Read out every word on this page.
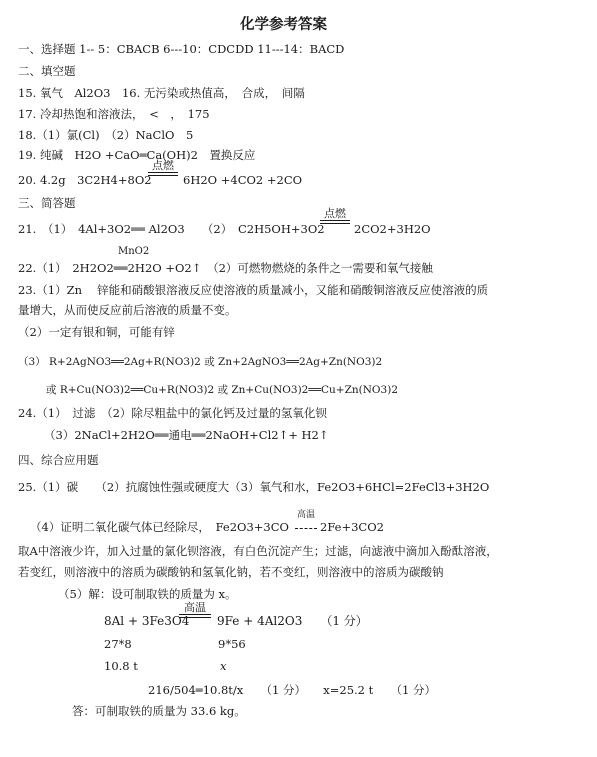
化学参考答案
一、选择题 1-- 5：CBACB 6---10：CDCDD 11---14：BACD
二、填空题
15. 氧气　Al2O3　16. 无污染或热值高，　合成，　间隔
17. 冷却热饱和溶液法，　<　，　175
18.（1）氯(Cl)　（2）NaClO　5
19. 纯碱　H2O +CaO═Ca(OH)2　置换反应
20. 4.2g　3C2H4+8O2
点燃
6H2O +4CO2 +2CO
三、简答题
21.　（1）　4Al+3O2══ Al2O3　　（2）　C2H5OH+3O2
点燃
2CO2+3H2O
MnO2
22.（1）　2H2O2══2H2O +O2↑　（2）可燃物燃烧的条件之一需要和氧气接触
23.（1）Zn　 锌能和硝酸银溶液反应使溶液的质量减小，又能和硝酸铜溶液反应使溶液的质
量增大，从而使反应前后溶液的质量不变。
（2）一定有银和铜，可能有锌
（3） R+2AgNO3══2Ag+R(NO3)2 或 Zn+2AgNO3══2Ag+Zn(NO3)2
或 R+Cu(NO3)2══Cu+R(NO3)2 或 Zn+Cu(NO3)2══Cu+Zn(NO3)2
24.（1）　过滤　（2）除尽粗盐中的氯化钙及过量的氢氧化钡
（3）2NaCl+2H2O══通电══2NaOH+Cl2↑+ H2↑
四、综合应用题
25.（1）碳　　（2）抗腐蚀性强或硬度大（3）氧气和水，Fe2O3+6HCl=2FeCl3+3H2O
高温
（4）证明二氧化碳气体已经除尽，　Fe2O3+3CO	2Fe+3CO2
取A中溶液少许，加入过量的氯化钡溶液，有白色沉淀产生；过滤，向滤液中滴加入酚酞溶液，
若变红，则溶液中的溶质为碳酸钠和氢氧化钠，若不变红，则溶液中的溶质为碳酸钠
（5）解：设可制取铁的质量为 x。
8Al + 3Fe3O4
高温
9Fe + 4Al2O3　　（1 分）
27*8	9*56
10.8 t	x
216/504═10.8t/x　　（1 分）　　x=25.2 t　　（1 分）
答：可制取铁的质量为 33.6 kg。
